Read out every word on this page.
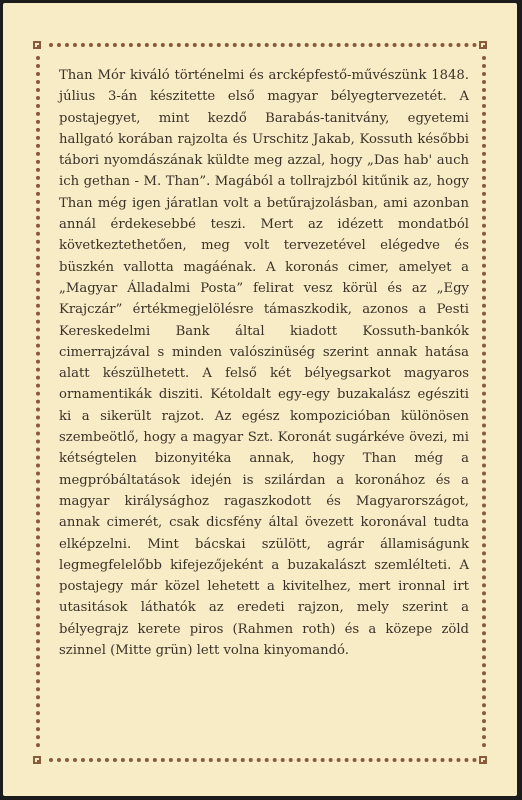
Than Mór kiváló történelmi és arcképfestő-művészünk 1848. július 3-án készitette első magyar bélyegtervezetét. A postajegyet, mint kezdő Barabás-tanitvány, egyetemi hallgató korában rajzolta és Urschitz Jakab, Kossuth későbbi tábori nyomdászának küldte meg azzal, hogy „Das hab' auch ich gethan - M. Than”. Magából a tollrajzból kitűnik az, hogy Than még igen járatlan volt a betűrajzolásban, ami azonban annál érdekesebbé teszi. Mert az idézett mondatból következtethetően, meg volt tervezetével elégedve és büszkén vallotta magáénak. A koronás cimer, amelyet a „Magyar Álladalmi Posta” felirat vesz körül és az „Egy Krajczár” értékmegjelölésre támaszkodik, azonos a Pesti Kereskedelmi Bank által kiadott Kossuth-bankók cimerrajzával s minden valószinüség szerint annak hatása alatt készülhetett. A felső két bélyegsarkot magyaros ornamentikák disziti. Kétoldalt egy-egy buzakalász egésziti ki a sikerült rajzot. Az egész kompozicióban különösen szembeötlő, hogy a magyar Szt. Koronát sugárkéve övezi, mi kétségtelen bizonyitéka annak, hogy Than még a megpróbáltatások idején is szilárdan a koronához és a magyar királysághoz ragaszkodott és Magyarországot, annak cimerét, csak dicsfény által övezett koronával tudta elképzelni. Mint bácskai szülött, agrár államiságunk legmegfelelőbb kifejezőjeként a buzakalászt szemlélteti. A postajegy már közel lehetett a kivitelhez, mert ironnal irt utasitások láthatók az eredeti rajzon, mely szerint a bélyegrajz kerete piros (Rahmen roth) és a közepe zöld szinnel (Mitte grün) lett volna kinyomandó.
